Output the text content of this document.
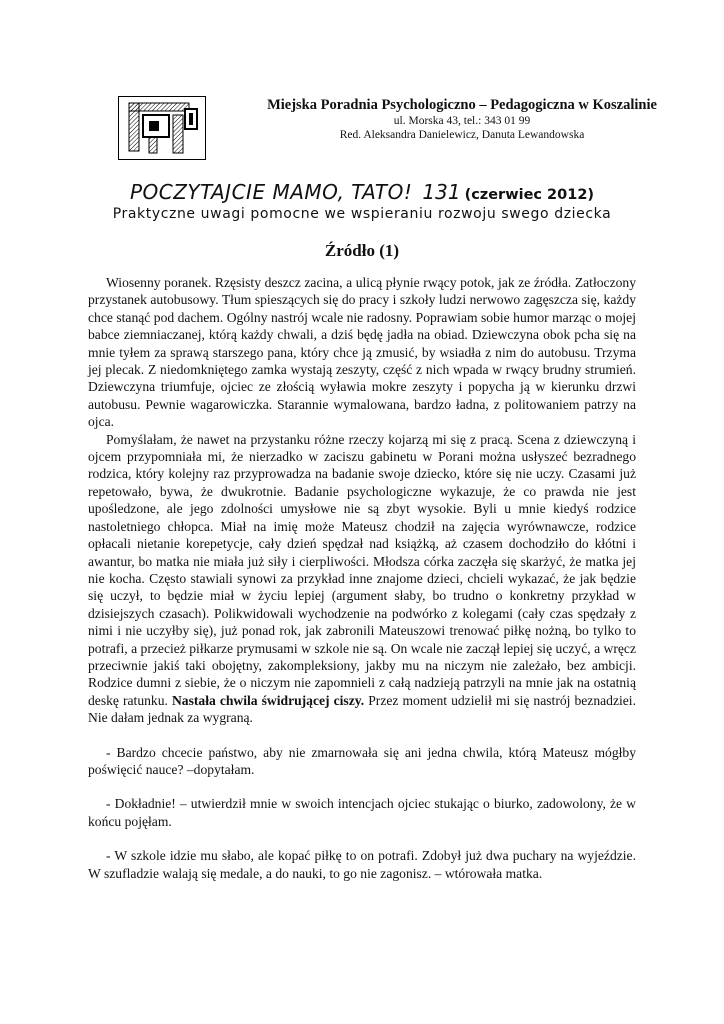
Miejska Poradnia Psychologiczno – Pedagogiczna w Koszalinie
ul. Morska 43, tel.: 343 01 99
Red. Aleksandra Danielewicz, Danuta Lewandowska
POCZYTAJCIE MAMO, TATO! 131 (czerwiec 2012)
Praktyczne uwagi pomocne we wspieraniu rozwoju swego dziecka
Źródło (1)

Wiosenny poranek. Rzęsisty deszcz zacina, a ulicą płynie rwący potok, jak ze źródła. Zatłoczony przystanek autobusowy. Tłum spieszących się do pracy i szkoły ludzi nerwowo zagęszcza się, każdy chce stanąć pod dachem. Ogólny nastrój wcale nie radosny. Poprawiam sobie humor marząc o mojej babce ziemniaczanej, którą każdy chwali, a dziś będę jadła na obiad. Dziewczyna obok pcha się na mnie tyłem za sprawą starszego pana, który chce ją zmusić, by wsiadła z nim do autobusu. Trzyma jej plecak. Z niedomkniętego zamka wystają zeszyty, część z nich wpada w rwący brudny strumień. Dziewczyna triumfuje, ojciec ze złością wyławia mokre zeszyty i popycha ją w kierunku drzwi autobusu. Pewnie wagarowiczka. Starannie wymalowana, bardzo ładna, z politowaniem patrzy na ojca.

Pomyślałam, że nawet na przystanku różne rzeczy kojarzą mi się z pracą. Scena z dziewczyną i ojcem przypomniała mi, że nierzadko w zaciszu gabinetu w Porani można usłyszeć bezradnego rodzica, który kolejny raz przyprowadza na badanie swoje dziecko, które się nie uczy. Czasami już repetowało, bywa, że dwukrotnie. Badanie psychologiczne wykazuje, że co prawda nie jest upośledzone, ale jego zdolności umysłowe nie są zbyt wysokie. Byli u mnie kiedyś rodzice nastoletniego chłopca. Miał na imię może Mateusz chodził na zajęcia wyrównawcze, rodzice opłacali nietanie korepetycje, cały dzień spędzał nad książką, aż czasem dochodziło do kłótni i awantur, bo matka nie miała już siły i cierpliwości. Młodsza córka zaczęła się skarżyć, że matka jej nie kocha. Często stawiali synowi za przykład inne znajome dzieci, chcieli wykazać, że jak będzie się uczył, to będzie miał w życiu lepiej (argument słaby, bo trudno o konkretny przykład w dzisiejszych czasach). Polikwidowali wychodzenie na podwórko z kolegami (cały czas spędzały z nimi i nie uczyłby się), już ponad rok, jak zabronili Mateuszowi trenować piłkę nożną, bo tylko to potrafi, a przecież piłkarze prymusami w szkole nie są. On wcale nie zaczął lepiej się uczyć, a wręcz przeciwnie jakiś taki obojętny, zakompleksiony, jakby mu na niczym nie zależało, bez ambicji. Rodzice dumni z siebie, że o niczym nie zapomnieli z całą nadzieją patrzyli na mnie jak na ostatnią deskę ratunku. Nastała chwila świdrującej ciszy. Przez moment udzielił mi się nastrój beznadziei. Nie dałam jednak za wygraną.

- Bardzo chcecie państwo, aby nie zmarnowała się ani jedna chwila, którą Mateusz mógłby poświęcić nauce? –dopytałam.

- Dokładnie! – utwierdził mnie w swoich intencjach ojciec stukając o biurko, zadowolony, że w końcu pojęłam.

- W szkole idzie mu słabo, ale kopać piłkę to on potrafi. Zdobył już dwa puchary na wyjeździe. W szufladzie walają się medale, a do nauki, to go nie zagonisz. – wtórowała matka.
